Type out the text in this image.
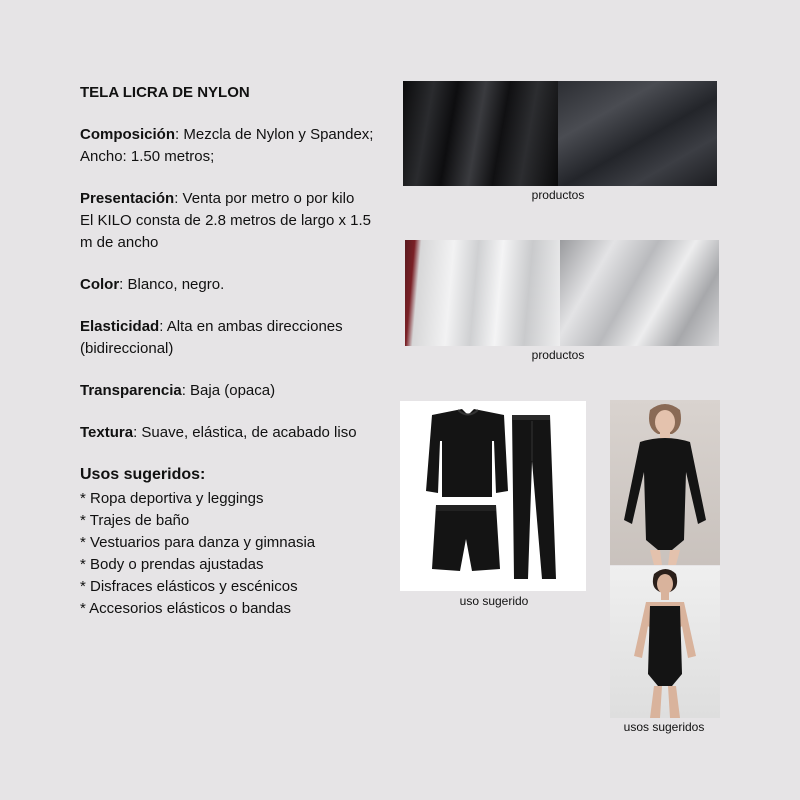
TELA LICRA DE NYLON

Composición: Mezcla de Nylon y Spandex;
Ancho: 1.50 metros;

Presentación: Venta por metro o por kilo
El KILO consta de 2.8 metros de largo x 1.5
m de ancho

Color: Blanco, negro.

Elasticidad: Alta en ambas direcciones
(bidireccional)

Transparencia: Baja (opaca)

Textura: Suave, elástica, de acabado liso

Usos sugeridos:

* Ropa deportiva y leggings

* Trajes de baño

* Vestuarios para danza y gimnasia

* Body o prendas ajustadas

* Disfraces elásticos y escénicos

* Accesorios elásticos o bandas

productos
productos
uso sugerido
usos sugeridos
